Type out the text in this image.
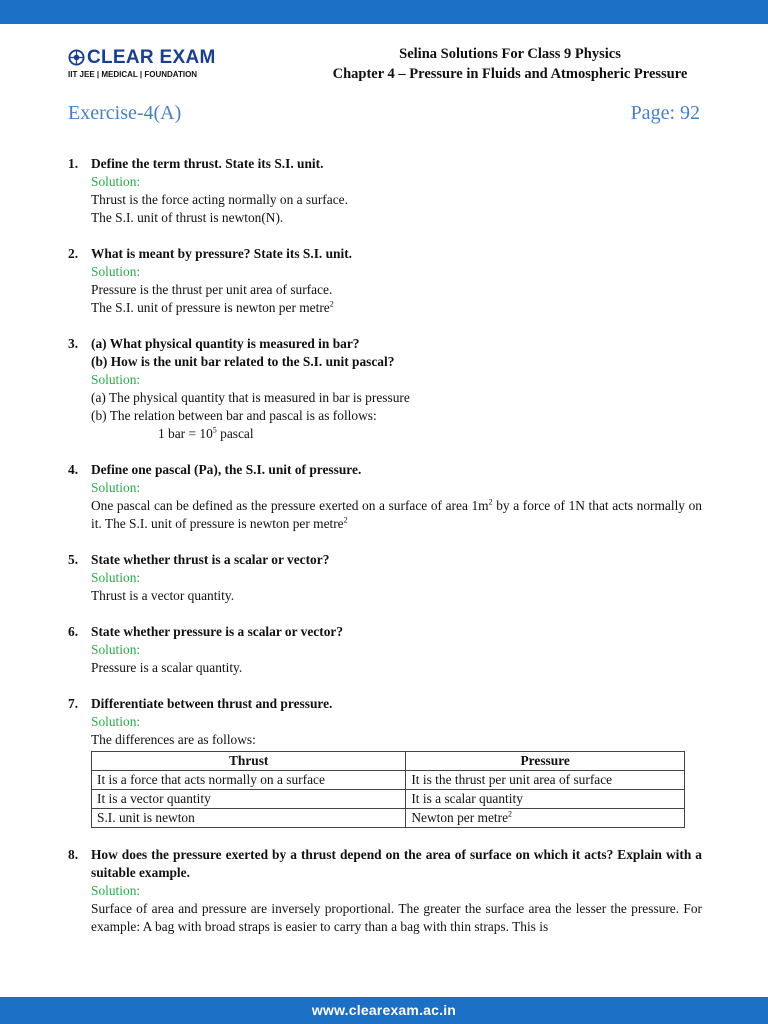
CLEAR EXAM
IIT JEE | MEDICAL | FOUNDATION
Selina Solutions For Class 9 Physics
Chapter 4 – Pressure in Fluids and Atmospheric Pressure
Exercise-4(A)	Page: 92
1. Define the term thrust. State its S.I. unit.
Solution:
Thrust is the force acting normally on a surface.
The S.I. unit of thrust is newton(N).
2. What is meant by pressure? State its S.I. unit.
Solution:
Pressure is the thrust per unit area of surface.
The S.I. unit of pressure is newton per metre$^2$
3. (a) What physical quantity is measured in bar?
(b) How is the unit bar related to the S.I. unit pascal?
Solution:
(a) The physical quantity that is measured in bar is pressure
(b) The relation between bar and pascal is as follows:
1 bar = $10^5$ pascal
4. Define one pascal (Pa), the S.I. unit of pressure.
Solution:
One pascal can be defined as the pressure exerted on a surface of area $1m^2$ by a force of 1N that acts normally on it. The S.I. unit of pressure is newton per metre$^2$
5. State whether thrust is a scalar or vector?
Solution:
Thrust is a vector quantity.
6. State whether pressure is a scalar or vector?
Solution:
Pressure is a scalar quantity.
7. Differentiate between thrust and pressure.
Solution:
The differences are as follows:
Thrust	Pressure
It is a force that acts normally on a surface	It is the thrust per unit area of surface
It is a vector quantity	It is a scalar quantity
S.I. unit is newton	Newton per metre$^2$
8. How does the pressure exerted by a thrust depend on the area of surface on which it acts? Explain with a suitable example.
Solution:
Surface of area and pressure are inversely proportional. The greater the surface area the lesser the pressure. For example: A bag with broad straps is easier to carry than a bag with thin straps. This is
www.clearexam.ac.in
